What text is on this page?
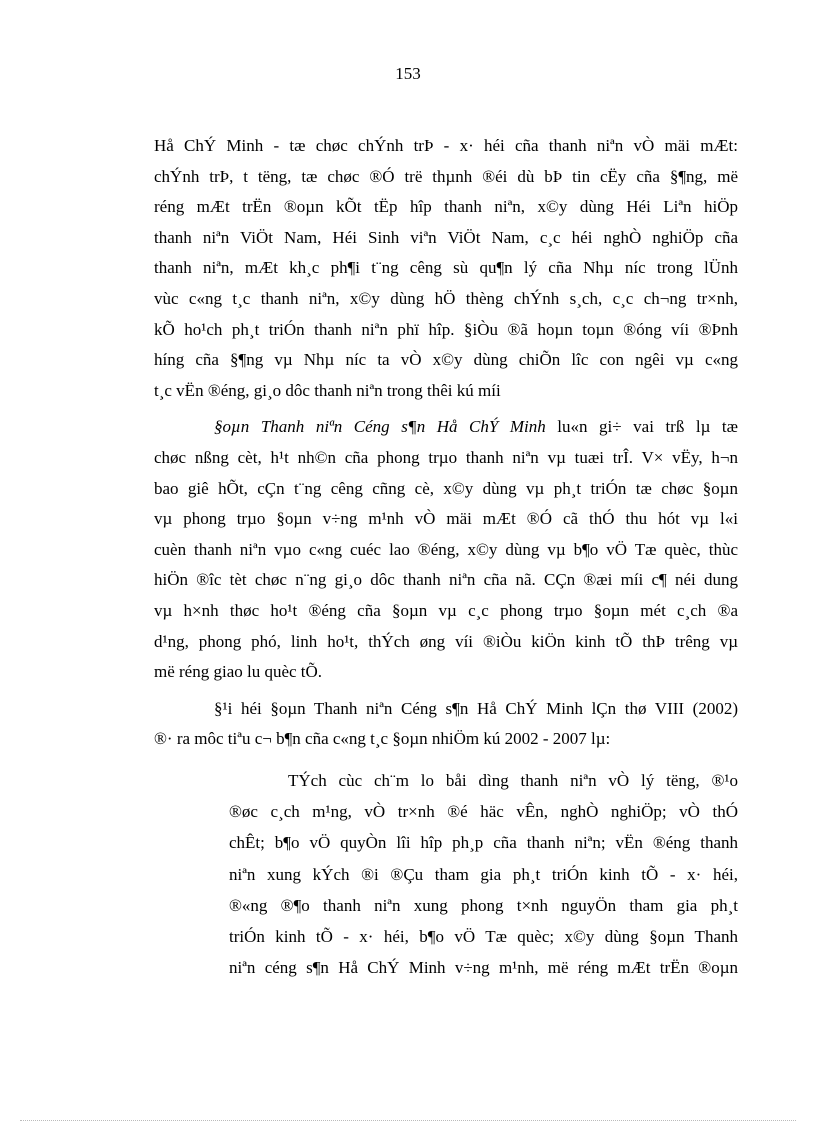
153
Hå ChÝ Minh - tæ chøc chÝnh trÞ - x· héi cña thanh niªn vÒ mäi mÆt:
chÝnh trÞ, t tëng, tæ chøc ®Ó trë thµnh ®éi dù bÞ tin cËy cña §¶ng, më
réng mÆt trËn ®oµn kÕt tËp hîp thanh niªn, x©y dùng Héi Liªn hiÖp
thanh niªn ViÖt Nam, Héi Sinh viªn ViÖt Nam, c¸c héi nghÒ nghiÖp cña
thanh niªn, mÆt kh¸c ph¶i t¨ng cêng sù qu¶n lý cña Nhµ níc trong lÜnh
vùc c«ng t¸c thanh niªn, x©y dùng hÖ thèng chÝnh s¸ch, c¸c ch¬ng tr×nh,
kÕ ho¹ch ph¸t triÓn thanh niªn phï hîp. §iÒu ®ã hoµn toµn ®óng víi ®Þnh
híng cña §¶ng vµ Nhµ níc ta vÒ x©y dùng chiÕn lîc con ngêi vµ c«ng
t¸c vËn ®éng, gi¸o dôc thanh niªn trong thêi kú míi
§oµn Thanh niªn Céng s¶n Hå ChÝ Minh lu«n gi÷ vai trß lµ tæ
chøc nßng cèt, h¹t nh©n cña phong trµo thanh niªn vµ tuæi trÎ. V× vËy, h¬n
bao giê hÕt, cÇn t¨ng cêng cñng cè, x©y dùng vµ ph¸t triÓn tæ chøc §oµn
vµ phong trµo §oµn v÷ng m¹nh vÒ mäi mÆt ®Ó cã thÓ thu hót vµ l«i
cuèn thanh niªn vµo c«ng cuéc lao ®éng, x©y dùng vµ b¶o vÖ Tæ quèc, thùc
hiÖn ®îc tèt chøc n¨ng gi¸o dôc thanh niªn cña nã. CÇn ®æi míi c¶ néi dung
vµ h×nh thøc ho¹t ®éng cña §oµn vµ c¸c phong trµo §oµn mét c¸ch ®a
d¹ng, phong phó, linh ho¹t, thÝch øng víi ®iÒu kiÖn kinh tÕ thÞ trêng vµ
më réng giao lu quèc tÕ.
§¹i héi §oµn Thanh niªn Céng s¶n Hå ChÝ Minh lÇn thø VIII (2002)
®· ra môc tiªu c¬ b¶n cña c«ng t¸c §oµn nhiÖm kú 2002 - 2007 lµ:
TÝch cùc ch¨m lo båi dìng thanh niªn vÒ lý tëng, ®¹o
®øc c¸ch m¹ng, vÒ tr×nh ®é häc vÊn, nghÒ nghiÖp; vÒ thÓ
chÊt; b¶o vÖ quyÒn lîi hîp ph¸p cña thanh niªn; vËn ®éng thanh
niªn xung kÝch ®i ®Çu tham gia ph¸t triÓn kinh tÕ - x· héi,
®«ng ®¶o thanh niªn xung phong t×nh nguyÖn tham gia ph¸t
triÓn kinh tÕ - x· héi, b¶o vÖ Tæ quèc; x©y dùng §oµn Thanh
niªn céng s¶n Hå ChÝ Minh v÷ng m¹nh, më réng mÆt trËn ®oµn
